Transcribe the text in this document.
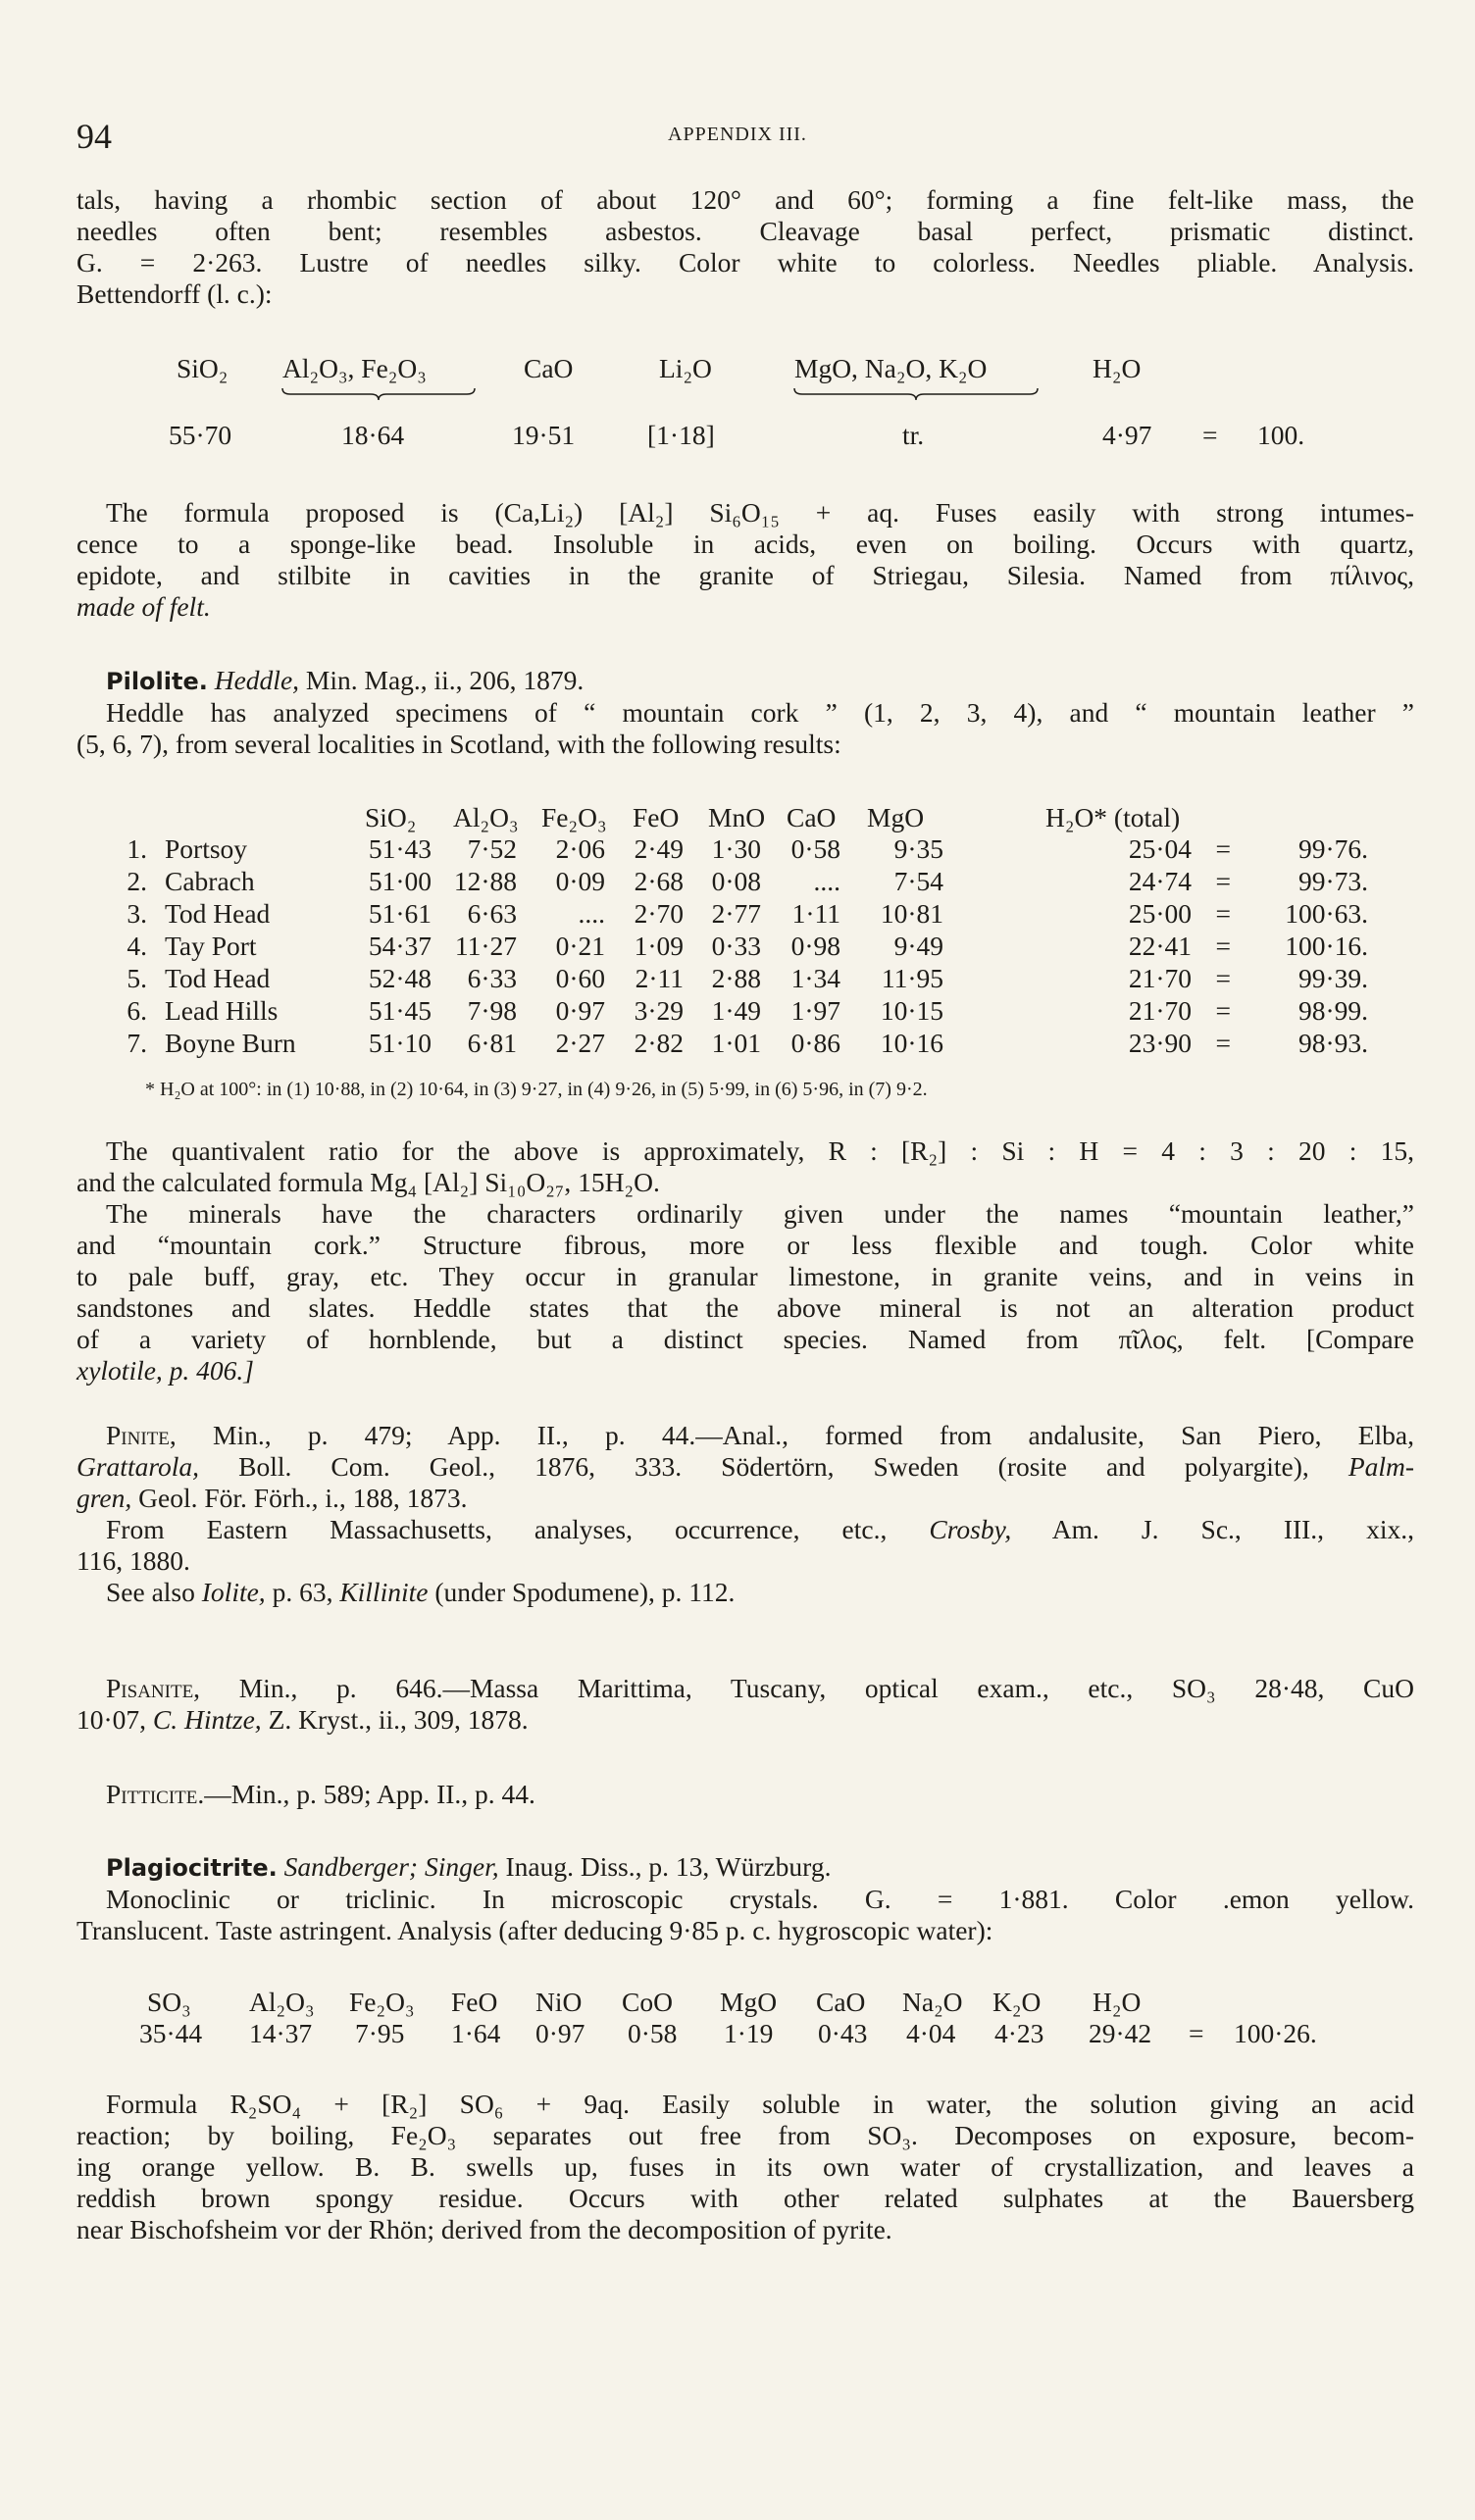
94	APPENDIX III.
tals, having a rhombic section of about 120° and 60°; forming a fine felt-like mass, the
needles often bent; resembles asbestos. Cleavage basal perfect, prismatic distinct.
G. = 2·263. Lustre of needles silky. Color white to colorless. Needles pliable. Analysis.
Bettendorff (l. c.):
SiO₂ Al₂O₃, Fe₂O₃	CaO	Li₂O	MgO, Na₂O, K₂O	H₂O
55·70	18·64	19·51	[1·18]	tr.	4·97 = 100.
The formula proposed is (Ca,Li₂) [Al₂] Si₆O₁₅ + aq. Fuses easily with strong intumes-
cence to a sponge-like bead. Insoluble in acids, even on boiling. Occurs with quartz,
epidote, and stilbite in cavities in the granite of Striegau, Silesia. Named from πίλινος,
made of felt.
Pilolite. Heddle, Min. Mag., ii., 206, 1879.
Heddle has analyzed specimens of “ mountain cork ” (1, 2, 3, 4), and “ mountain leather ”
(5, 6, 7), from several localities in Scotland, with the following results:
SiO₂ Al₂O₃ Fe₂O₃ FeO MnO CaO MgO	H₂O* (total)
1. Portsoy	51·43 7·52 2·06 2·49 1·30 0·58 9·35	25·04 =	99·76.
2. Cabrach	51·00 12·88 0·09 2·68 0·08 .... 7·54	24·74 =	99·73.
3. Tod Head	51·61 6·63 .... 2·70 2·77 1·11 10·81	25·00 = 100·63.
4. Tay Port	54·37 11·27 0·21 1·09 0·33 0·98 9·49	22·41 = 100·16.
5. Tod Head	52·48 6·33 0·60 2·11 2·88 1·34 11·95	21·70 =	99·39.
6. Lead Hills	51·45 7·98 0·97 3·29 1·49 1·97 10·15	21·70 =	98·99.
7. Boyne Burn	51·10 6·81 2·27 2·82 1·01 0·86 10·16	23·90 =	98·93.
* H₂O at 100°: in (1) 10·88, in (2) 10·64, in (3) 9·27, in (4) 9·26, in (5) 5·99, in (6) 5·96, in (7) 9·2.
The quantivalent ratio for the above is approximately, R : [R₂] : Si : H = 4 : 3 : 20 : 15,
and the calculated formula Mg₄ [Al₂] Si₁₀O₂₇, 15H₂O.
The minerals have the characters ordinarily given under the names “mountain leather,”
and “mountain cork.” Structure fibrous, more or less flexible and tough. Color white
to pale buff, gray, etc. They occur in granular limestone, in granite veins, and in veins in
sandstones and slates. Heddle states that the above mineral is not an alteration product
of a variety of hornblende, but a distinct species. Named from πῖλος, felt. [Compare
xylotile, p. 406.]
Pinite, Min., p. 479; App. II., p. 44.—Anal., formed from andalusite, San Piero, Elba,
Grattarola, Boll. Com. Geol., 1876, 333. Södertörn, Sweden (rosite and polyargite), Palm-
gren, Geol. För. Förh., i., 188, 1873.
From Eastern Massachusetts, analyses, occurrence, etc., Crosby, Am. J. Sc., III., xix.,
116, 1880.
See also Iolite, p. 63, Killinite (under Spodumene), p. 112.
Pisanite, Min., p. 646.—Massa Marittima, Tuscany, optical exam., etc., SO₃ 28·48, CuO
10·07, C. Hintze, Z. Kryst., ii., 309, 1878.
Pitticite.—Min., p. 589; App. II., p. 44.
Plagiocitrite. Sandberger; Singer, Inaug. Diss., p. 13, Würzburg.
Monoclinic or triclinic. In microscopic crystals. G. = 1·881. Color .emon yellow.
Translucent. Taste astringent. Analysis (after deducing 9·85 p. c. hygroscopic water):
SO₃ Al₂O₃ Fe₂O₃ FeO NiO CoO MgO CaO Na₂O K₂O H₂O
35·44 14·37 7·95 1·64 0·97 0·58 1·19 0·43 4·04 4·23 29·42 = 100·26.
Formula R₂SO₄ + [R₂] SO₆ + 9aq. Easily soluble in water, the solution giving an acid
reaction; by boiling, Fe₂O₃ separates out free from SO₃. Decomposes on exposure, becom-
ing orange yellow. B. B. swells up, fuses in its own water of crystallization, and leaves a
reddish brown spongy residue. Occurs with other related sulphates at the Bauersberg
near Bischofsheim vor der Rhön; derived from the decomposition of pyrite.
